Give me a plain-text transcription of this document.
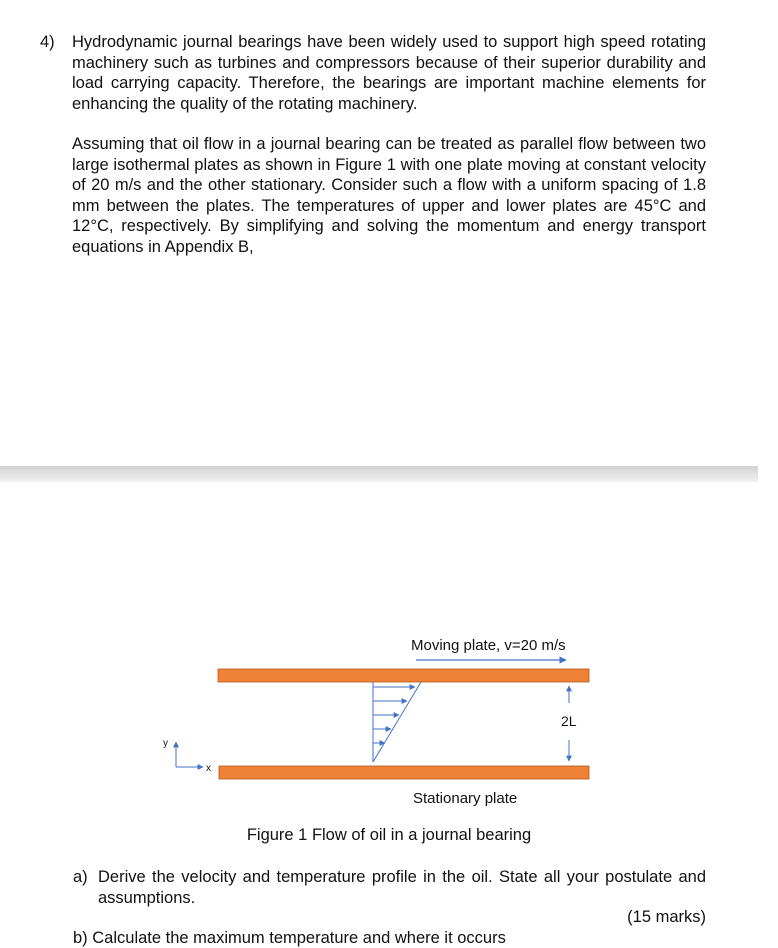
4) Hydrodynamic journal bearings have been widely used to support high speed rotating machinery such as turbines and compressors because of their superior durability and load carrying capacity. Therefore, the bearings are important machine elements for enhancing the quality of the rotating machinery.

Assuming that oil flow in a journal bearing can be treated as parallel flow between two large isothermal plates as shown in Figure 1 with one plate moving at constant velocity of 20 m/s and the other stationary. Consider such a flow with a uniform spacing of 1.8 mm between the plates. The temperatures of upper and lower plates are 45°C and 12°C, respectively. By simplifying and solving the momentum and energy transport equations in Appendix B,

Moving plate, v=20 m/s
2L
y
x
Stationary plate
Figure 1 Flow of oil in a journal bearing
a) Derive the velocity and temperature profile in the oil. State all your postulate and assumptions.

(15 marks)
b) Calculate the maximum temperature and where it occurs
